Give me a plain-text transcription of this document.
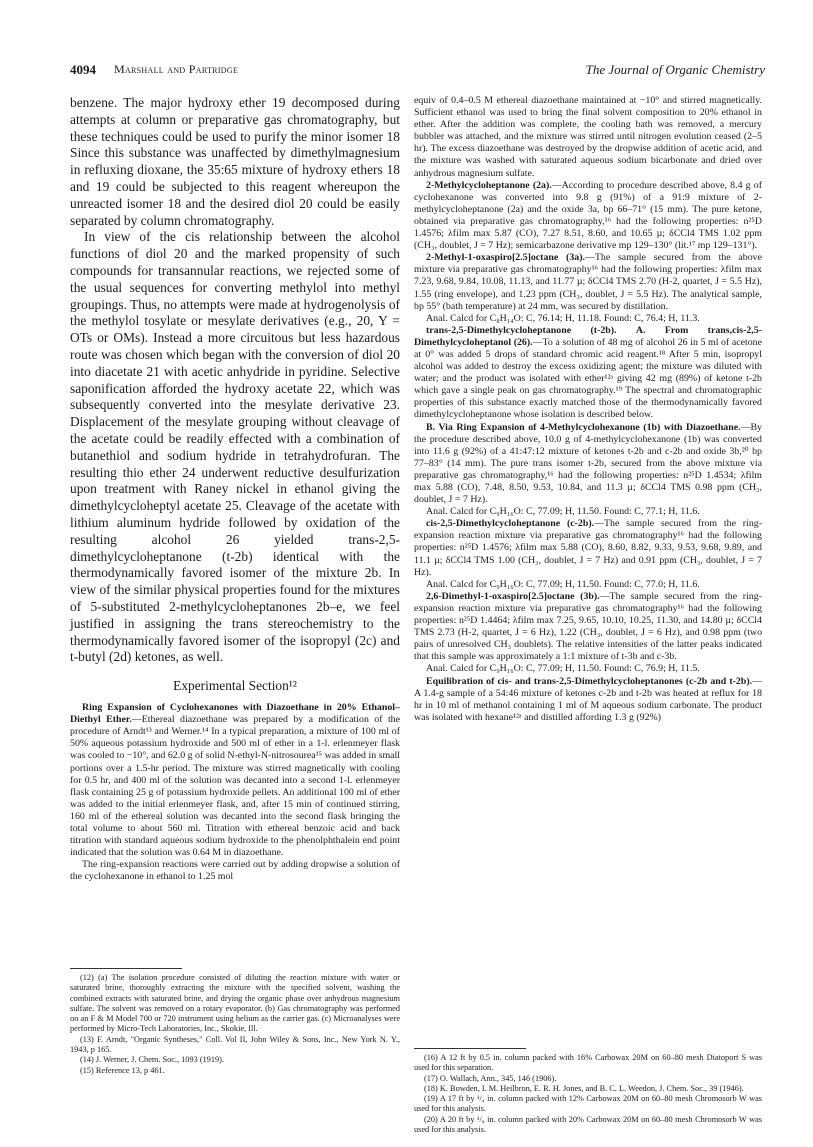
4094 Marshall and Partridge	The Journal of Organic Chemistry

benzene. The major hydroxy ether 19 decomposed during attempts at column or preparative gas chromatography, but these techniques could be used to purify the minor isomer 18 Since this substance was unaffected by dimethylmagnesium in refluxing dioxane, the 35:65 mixture of hydroxy ethers 18 and 19 could be subjected to this reagent whereupon the unreacted isomer 18 and the desired diol 20 could be easily separated by column chromatography.

In view of the cis relationship between the alcohol functions of diol 20 and the marked propensity of such compounds for transannular reactions, we rejected some of the usual sequences for converting methylol into methyl groupings. Thus, no attempts were made at hydrogenolysis of the methylol tosylate or mesylate derivatives (e.g., 20, Y = OTs or OMs). Instead a more circuitous but less hazardous route was chosen which began with the conversion of diol 20 into diacetate 21 with acetic anhydride in pyridine. Selective saponification afforded the hydroxy acetate 22, which was subsequently converted into the mesylate derivative 23. Displacement of the mesylate grouping without cleavage of the acetate could be readily effected with a combination of butanethiol and sodium hydride in tetrahydrofuran. The resulting thio ether 24 underwent reductive desulfurization upon treatment with Raney nickel in ethanol giving the dimethylcycloheptyl acetate 25. Cleavage of the acetate with lithium aluminum hydride followed by oxidation of the resulting alcohol 26 yielded trans-2,5-dimethylcycloheptanone (t-2b) identical with the thermodynamically favored isomer of the mixture 2b. In view of the similar physical properties found for the mixtures of 5-substituted 2-methylcycloheptanones 2b–e, we feel justified in assigning the trans stereochemistry to the thermodynamically favored isomer of the isopropyl (2c) and t-butyl (2d) ketones, as well.

Experimental Section¹²

Ring Expansion of Cyclohexanones with Diazoethane in 20% Ethanol–Diethyl Ether.—Ethereal diazoethane was prepared by a modification of the procedure of Arndt¹³ and Werner.¹⁴ In a typical preparation, a mixture of 100 ml of 50% aqueous potassium hydroxide and 500 ml of ether in a 1-l. erlenmeyer flask was cooled to −10°, and 62.0 g of solid N-ethyl-N-nitrosourea¹⁵ was added in small portions over a 1.5-hr period. The mixture was stirred magnetically with cooling for 0.5 hr, and 400 ml of the solution was decanted into a second 1-l. erlenmeyer flask containing 25 g of potassium hydroxide pellets. An additional 100 ml of ether was added to the initial erlenmeyer flask, and, after 15 min of continued stirring, 160 ml of the ethereal solution was decanted into the second flask bringing the total volume to about 560 ml. Titration with ethereal benzoic acid and back titration with standard aqueous sodium hydroxide to the phenolphthalein end point indicated that the solution was 0.64 M in diazoethane.

The ring-expansion reactions were carried out by adding dropwise a solution of the cyclohexanone in ethanol to 1.25 mol

(12) (a) The isolation procedure consisted of diluting the reaction mixture with water or saturated brine, thoroughly extracting the mixture with the specified solvent, washing the combined extracts with saturated brine, and drying the organic phase over anhydrous magnesium sulfate. The solvent was removed on a rotary evaporator. (b) Gas chromatography was performed on an F & M Model 700 or 720 instrument using helium as the carrier gas. (c) Microanalyses were performed by Micro-Tech Laboratories, Inc., Skokie, Ill.

(13) F. Arndt, "Organic Syntheses," Coll. Vol II, John Wiley & Sons, Inc., New York N. Y., 1943, p 165.

(14) J. Werner, J. Chem. Soc., 1093 (1919).

(15) Reference 13, p 461.

equiv of 0.4–0.5 M ethereal diazoethane maintained at −10° and stirred magnetically. Sufficient ethanol was used to bring the final solvent composition to 20% ethanol in ether. After the addition was complete, the cooling bath was removed, a mercury bubbler was attached, and the mixture was stirred until nitrogen evolution ceased (2–5 hr). The excess diazoethane was destroyed by the dropwise addition of acetic acid, and the mixture was washed with saturated aqueous sodium bicarbonate and dried over anhydrous magnesium sulfate.

2-Methylcycloheptanone (2a).—According to procedure described above, 8.4 g of cyclohexanone was converted into 9.8 g (91%) of a 91:9 mixture of 2-methylcycloheptanone (2a) and the oxide 3a, bp 66–71° (15 mm). The pure ketone, obtained via preparative gas chromatography,¹⁶ had the following properties: n²⁵D 1.4576; λfilm max 5.87 (CO), 7.27 8.51, 8.60, and 10.65 µ; δCCl4 TMS 1.02 ppm (CH₃, doublet, J = 7 Hz); semicarbazone derivative mp 129–130° (lit.¹⁷ mp 129–131°).

2-Methyl-1-oxaspiro[2.5]octane (3a).—The sample secured from the above mixture via preparative gas chromatography¹⁶ had the following properties: λfilm max 7.23, 9.68, 9.84, 10.08, 11.13, and 11.77 µ; δCCl4 TMS 2.70 (H-2, quartet, J = 5.5 Hz), 1.55 (ring envelope), and 1.23 ppm (CH₃, doublet, J = 5.5 Hz). The analytical sample, bp 55° (bath temperature) at 24 mm, was secured by distillation.

Anal. Calcd for C₈H₁₄O: C, 76.14; H, 11.18. Found: C, 76.4; H, 11.3.

trans-2,5-Dimethylcycloheptanone (t-2b). A. From trans,cis-2,5-Dimethylcycloheptanol (26).—To a solution of 48 mg of alcohol 26 in 5 ml of acetone at 0° was added 5 drops of standard chromic acid reagent.¹⁸ After 5 min, isopropyl alcohol was added to destroy the excess oxidizing agent; the mixture was diluted with water; and the product was isolated with ether¹²ᵃ giving 42 mg (89%) of ketone t-2b which gave a single peak on gas chromatography.¹⁹ The spectral and chromatographic properties of this substance exactly matched those of the thermodynamically favored dimethylcycloheptanone whose isolation is described below.

B. Via Ring Expansion of 4-Methylcyclohexanone (1b) with Diazoethane.—By the procedure described above, 10.0 g of 4-methylcyclohexanone (1b) was converted into 11.6 g (92%) of a 41:47:12 mixture of ketones t-2b and c-2b and oxide 3b,²⁰ bp 77–83° (14 mm). The pure trans isomer t-2b, secured from the above mixture via preparative gas chromatography,¹⁶ had the following properties: n²⁵D 1.4534; λfilm max 5.88 (CO), 7.48, 8.50, 9.53, 10.84, and 11.3 µ; δCCl4 TMS 0.98 ppm (CH₃, doublet, J = 7 Hz).

Anal. Calcd for C₉H₁₆O: C, 77.09; H, 11.50. Found: C, 77.1; H, 11.6.

cis-2,5-Dimethylcycloheptanone (c-2b).—The sample secured from the ring-expansion reaction mixture via preparative gas chromatography¹⁶ had the following properties: n²⁵D 1.4576; λfilm max 5.88 (CO), 8.60, 8.82, 9.33, 9.53, 9.68, 9.89, and 11.1 µ; δCCl4 TMS 1.00 (CH₃, doublet, J = 7 Hz) and 0.91 ppm (CH₃, doublet, J = 7 Hz).

Anal. Calcd for C₉H₁₆O: C, 77.09; H, 11.50. Found: C, 77.0; H, 11.6.

2,6-Dimethyl-1-oxaspiro[2.5]octane (3b).—The sample secured from the ring-expansion reaction mixture via preparative gas chromatography¹⁶ had the following properties: n²⁵D 1.4464; λfilm max 7.25, 9.65, 10.10, 10.25, 11.30, and 14.80 µ; δCCl4 TMS 2.73 (H-2, quartet, J = 6 Hz), 1.22 (CH₃, doublet, J = 6 Hz), and 0.98 ppm (two pairs of unresolved CH₃ doublets). The relative intensities of the latter peaks indicated that this sample was approximately a 1:1 mixture of t-3b and c-3b.

Anal. Calcd for C₉H₁₆O: C, 77.09; H, 11.50. Found: C, 76.9; H, 11.5.

Equilibration of cis- and trans-2,5-Dimethylcycloheptanones (c-2b and t-2b).—A 1.4-g sample of a 54:46 mixture of ketones c-2b and t-2b was heated at reflux for 18 hr in 10 ml of methanol containing 1 ml of M aqueous sodium carbonate. The product was isolated with hexane¹²ᵃ and distilled affording 1.3 g (92%)

(16) A 12 ft by 0.5 in. column packed with 16% Carbowax 20M on 60–80 mesh Diatoport S was used for this separation.

(17) O. Wallach, Ann., 345, 146 (1906).

(18) K. Bowden, I. M. Heilbron, E. R. H. Jones, and B. C. L. Weedon, J. Chem. Soc., 39 (1946).

(19) A 17 ft by ¹/₄ in. column packed with 12% Carbowax 20M on 60–80 mesh Chromosorb W was used for this analysis.

(20) A 20 ft by ¹/₈ in. column packed with 20% Carbowax 20M on 60–80 mesh Chromosorb W was used for this analysis.
